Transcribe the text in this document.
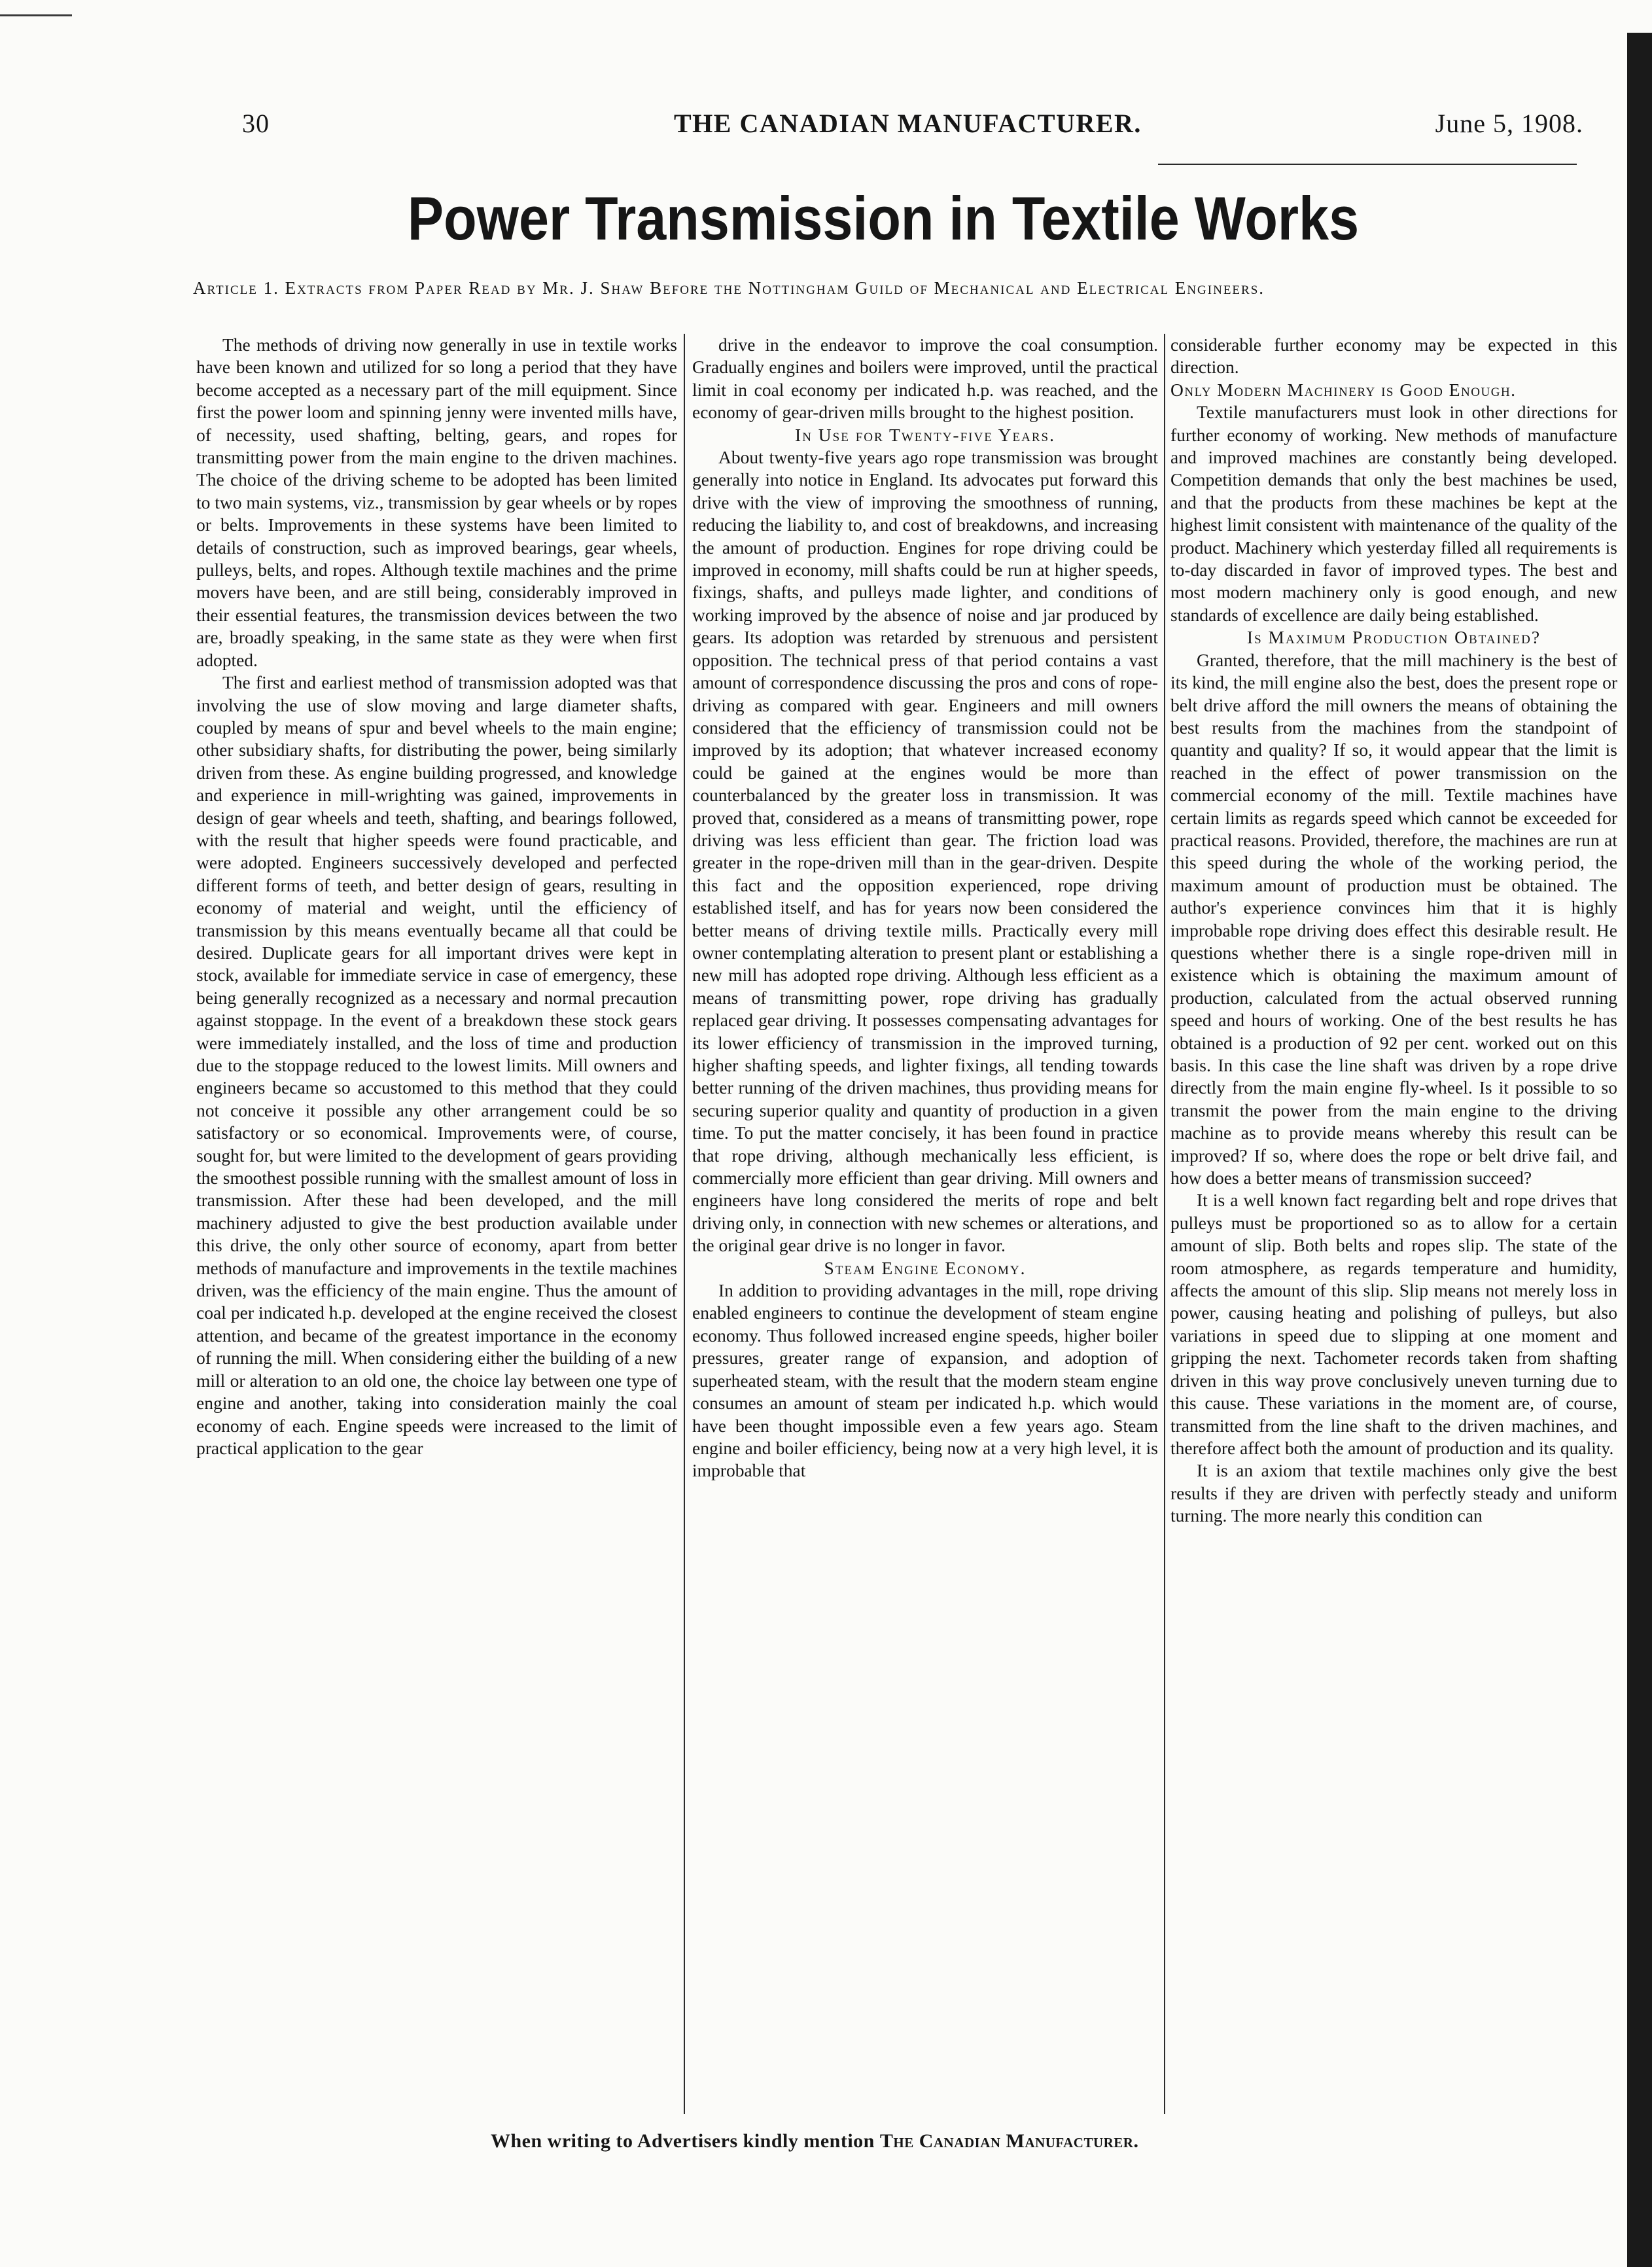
30	THE CANADIAN MANUFACTURER.	June 5, 1908.
Power Transmission in Textile Works
Article 1. Extracts from Paper Read by Mr. J. Shaw Before the Nottingham Guild of Mechanical and Electrical Engineers.

The methods of driving now generally in use in textile works have been known and utilized for so long a period that they have become accepted as a necessary part of the mill equipment. Since first the power loom and spinning jenny were invented mills have, of necessity, used shafting, belting, gears, and ropes for transmitting power from the main engine to the driven machines. The choice of the driving scheme to be adopted has been limited to two main systems, viz., transmission by gear wheels or by ropes or belts. Improvements in these systems have been limited to details of construction, such as improved bearings, gear wheels, pulleys, belts, and ropes. Although textile machines and the prime movers have been, and are still being, considerably improved in their essential features, the transmission devices between the two are, broadly speaking, in the same state as they were when first adopted.

The first and earliest method of transmission adopted was that involving the use of slow moving and large diameter shafts, coupled by means of spur and bevel wheels to the main engine; other subsidiary shafts, for distributing the power, being similarly driven from these. As engine building progressed, and knowledge and experience in mill-wrighting was gained, improvements in design of gear wheels and teeth, shafting, and bearings followed, with the result that higher speeds were found practicable, and were adopted. Engineers successively developed and perfected different forms of teeth, and better design of gears, resulting in economy of material and weight, until the efficiency of transmission by this means eventually became all that could be desired. Duplicate gears for all important drives were kept in stock, available for immediate service in case of emergency, these being generally recognized as a necessary and normal precaution against stoppage. In the event of a breakdown these stock gears were immediately installed, and the loss of time and production due to the stoppage reduced to the lowest limits. Mill owners and engineers became so accustomed to this method that they could not conceive it possible any other arrangement could be so satisfactory or so economical. Improvements were, of course, sought for, but were limited to the development of gears providing the smoothest possible running with the smallest amount of loss in transmission. After these had been developed, and the mill machinery adjusted to give the best production available under this drive, the only other source of economy, apart from better methods of manufacture and improvements in the textile machines driven, was the efficiency of the main engine. Thus the amount of coal per indicated h.p. developed at the engine received the closest attention, and became of the greatest importance in the economy of running the mill. When considering either the building of a new mill or alteration to an old one, the choice lay between one type of engine and another, taking into consideration mainly the coal economy of each. Engine speeds were increased to the limit of practical application to the gear

drive in the endeavor to improve the coal consumption. Gradually engines and boilers were improved, until the practical limit in coal economy per indicated h.p. was reached, and the economy of gear-driven mills brought to the highest position.

In Use for Twenty-five Years.

About twenty-five years ago rope transmission was brought generally into notice in England. Its advocates put forward this drive with the view of improving the smoothness of running, reducing the liability to, and cost of breakdowns, and increasing the amount of production. Engines for rope driving could be improved in economy, mill shafts could be run at higher speeds, fixings, shafts, and pulleys made lighter, and conditions of working improved by the absence of noise and jar produced by gears. Its adoption was retarded by strenuous and persistent opposition. The technical press of that period contains a vast amount of correspondence discussing the pros and cons of rope-driving as compared with gear. Engineers and mill owners considered that the efficiency of transmission could not be improved by its adoption; that whatever increased economy could be gained at the engines would be more than counterbalanced by the greater loss in transmission. It was proved that, considered as a means of transmitting power, rope driving was less efficient than gear. The friction load was greater in the rope-driven mill than in the gear-driven. Despite this fact and the opposition experienced, rope driving established itself, and has for years now been considered the better means of driving textile mills. Practically every mill owner contemplating alteration to present plant or establishing a new mill has adopted rope driving. Although less efficient as a means of transmitting power, rope driving has gradually replaced gear driving. It possesses compensating advantages for its lower efficiency of transmission in the improved turning, higher shafting speeds, and lighter fixings, all tending towards better running of the driven machines, thus providing means for securing superior quality and quantity of production in a given time. To put the matter concisely, it has been found in practice that rope driving, although mechanically less efficient, is commercially more efficient than gear driving. Mill owners and engineers have long considered the merits of rope and belt driving only, in connection with new schemes or alterations, and the original gear drive is no longer in favor.

Steam Engine Economy.

In addition to providing advantages in the mill, rope driving enabled engineers to continue the development of steam engine economy. Thus followed increased engine speeds, higher boiler pressures, greater range of expansion, and adoption of superheated steam, with the result that the modern steam engine consumes an amount of steam per indicated h.p. which would have been thought impossible even a few years ago. Steam engine and boiler efficiency, being now at a very high level, it is improbable that

considerable further economy may be expected in this direction.

Only Modern Machinery is Good Enough.

Textile manufacturers must look in other directions for further economy of working. New methods of manufacture and improved machines are constantly being developed. Competition demands that only the best machines be used, and that the products from these machines be kept at the highest limit consistent with maintenance of the quality of the product. Machinery which yesterday filled all requirements is to-day discarded in favor of improved types. The best and most modern machinery only is good enough, and new standards of excellence are daily being established.

Is Maximum Production Obtained?

Granted, therefore, that the mill machinery is the best of its kind, the mill engine also the best, does the present rope or belt drive afford the mill owners the means of obtaining the best results from the machines from the standpoint of quantity and quality? If so, it would appear that the limit is reached in the effect of power transmission on the commercial economy of the mill. Textile machines have certain limits as regards speed which cannot be exceeded for practical reasons. Provided, therefore, the machines are run at this speed during the whole of the working period, the maximum amount of production must be obtained. The author's experience convinces him that it is highly improbable rope driving does effect this desirable result. He questions whether there is a single rope-driven mill in existence which is obtaining the maximum amount of production, calculated from the actual observed running speed and hours of working. One of the best results he has obtained is a production of 92 per cent. worked out on this basis. In this case the line shaft was driven by a rope drive directly from the main engine fly-wheel. Is it possible to so transmit the power from the main engine to the driving machine as to provide means whereby this result can be improved? If so, where does the rope or belt drive fail, and how does a better means of transmission succeed?

It is a well known fact regarding belt and rope drives that pulleys must be proportioned so as to allow for a certain amount of slip. Both belts and ropes slip. The state of the room atmosphere, as regards temperature and humidity, affects the amount of this slip. Slip means not merely loss in power, causing heating and polishing of pulleys, but also variations in speed due to slipping at one moment and gripping the next. Tachometer records taken from shafting driven in this way prove conclusively uneven turning due to this cause. These variations in the moment are, of course, transmitted from the line shaft to the driven machines, and therefore affect both the amount of production and its quality.

It is an axiom that textile machines only give the best results if they are driven with perfectly steady and uniform turning. The more nearly this condition can

When writing to Advertisers kindly mention The Canadian Manufacturer.
